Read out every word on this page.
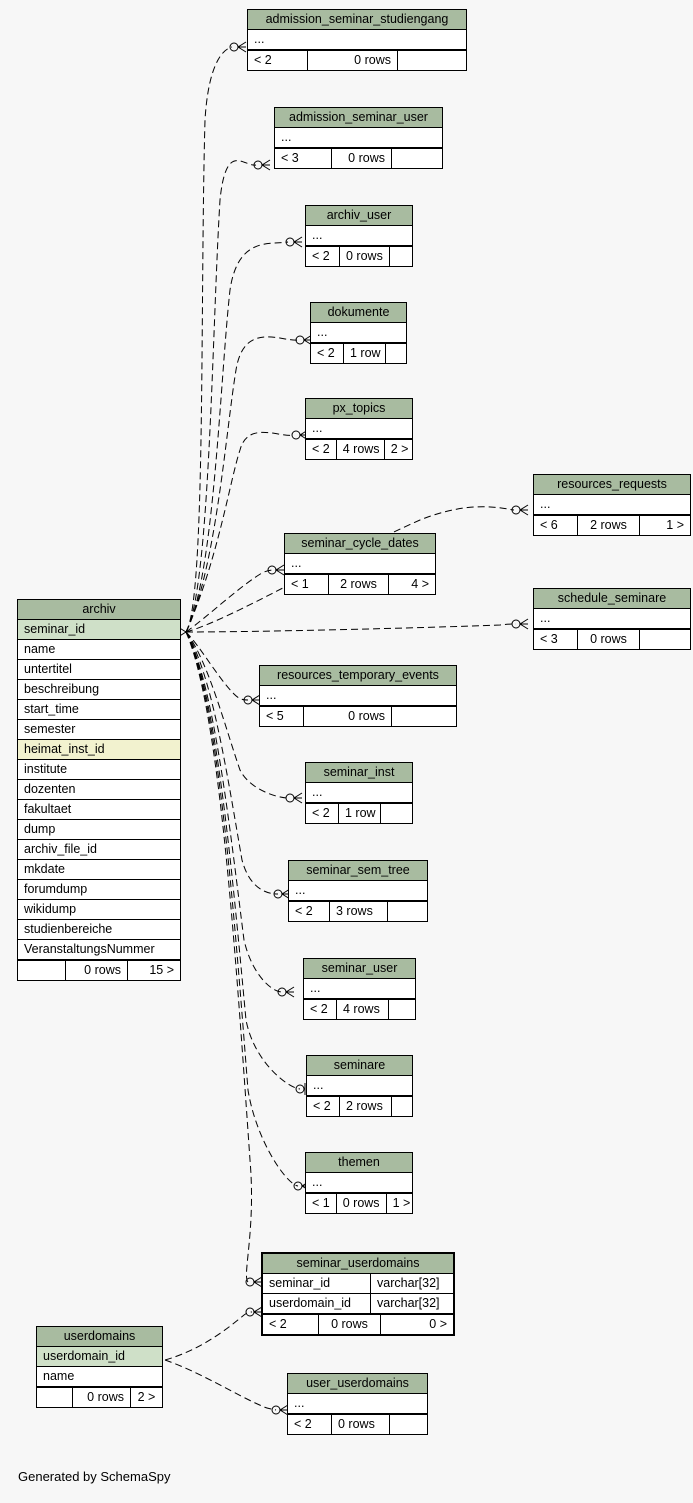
admission_seminar_studiengang
...
< 2	0 rows
admission_seminar_user
...
< 3	0 rows
archiv_user
...
< 2	0 rows
dokumente
...
< 2	1 row
px_topics
...
< 2	4 rows 2 >
resources_requests
...
< 6	2 rows	1 >
seminar_cycle_dates
...
< 1	2 rows	4 >
schedule_seminare
...
< 3	0 rows
resources_temporary_events
...
< 5	0 rows
seminar_inst
...
< 2	1 row
seminar_sem_tree
...
< 2	3 rows
seminar_user
...
< 2	4 rows
seminare
...
< 2	2 rows
themen
...
< 1	0 rows	1 >
user_userdomains
...
< 2	0 rows
archiv
seminar_id
name
untertitel
beschreibung
start_time
semester
heimat_inst_id
institute
dozenten
fakultaet
dump
archiv_file_id
mkdate
forumdump
wikidump
studienbereiche
VeranstaltungsNummer
0 rows	15 >
seminar_userdomains
seminar_id	varchar[32]
userdomain_id	varchar[32]
< 2	0 rows	0 >
userdomains
userdomain_id
name
0 rows	2 >
Generated by SchemaSpy
